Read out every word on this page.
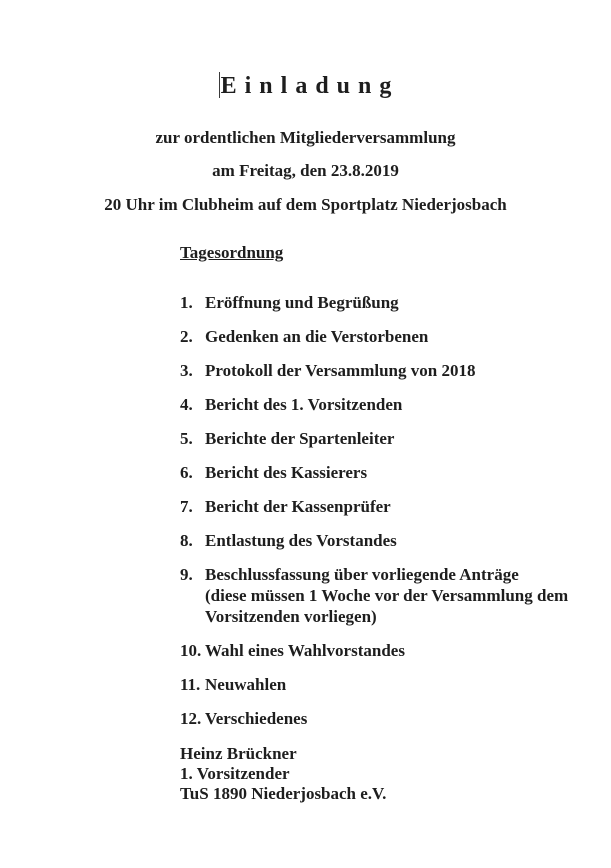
E i n l a d u n g
zur ordentlichen Mitgliederversammlung
am Freitag, den 23.8.2019
20 Uhr im Clubheim auf dem Sportplatz Niederjosbach
Tagesordnung
1. Eröffnung und Begrüßung
2. Gedenken an die Verstorbenen
3. Protokoll der Versammlung von 2018
4. Bericht des 1. Vorsitzenden
5. Berichte der Spartenleiter
6. Bericht des Kassierers
7. Bericht der Kassenprüfer
8. Entlastung des Vorstandes
9. Beschlussfassung über vorliegende Anträge
(diese müssen 1 Woche vor der Versammlung dem
Vorsitzenden vorliegen)
10. Wahl eines Wahlvorstandes
11. Neuwahlen
12. Verschiedenes
Heinz Brückner
1. Vorsitzender
TuS 1890 Niederjosbach e.V.
